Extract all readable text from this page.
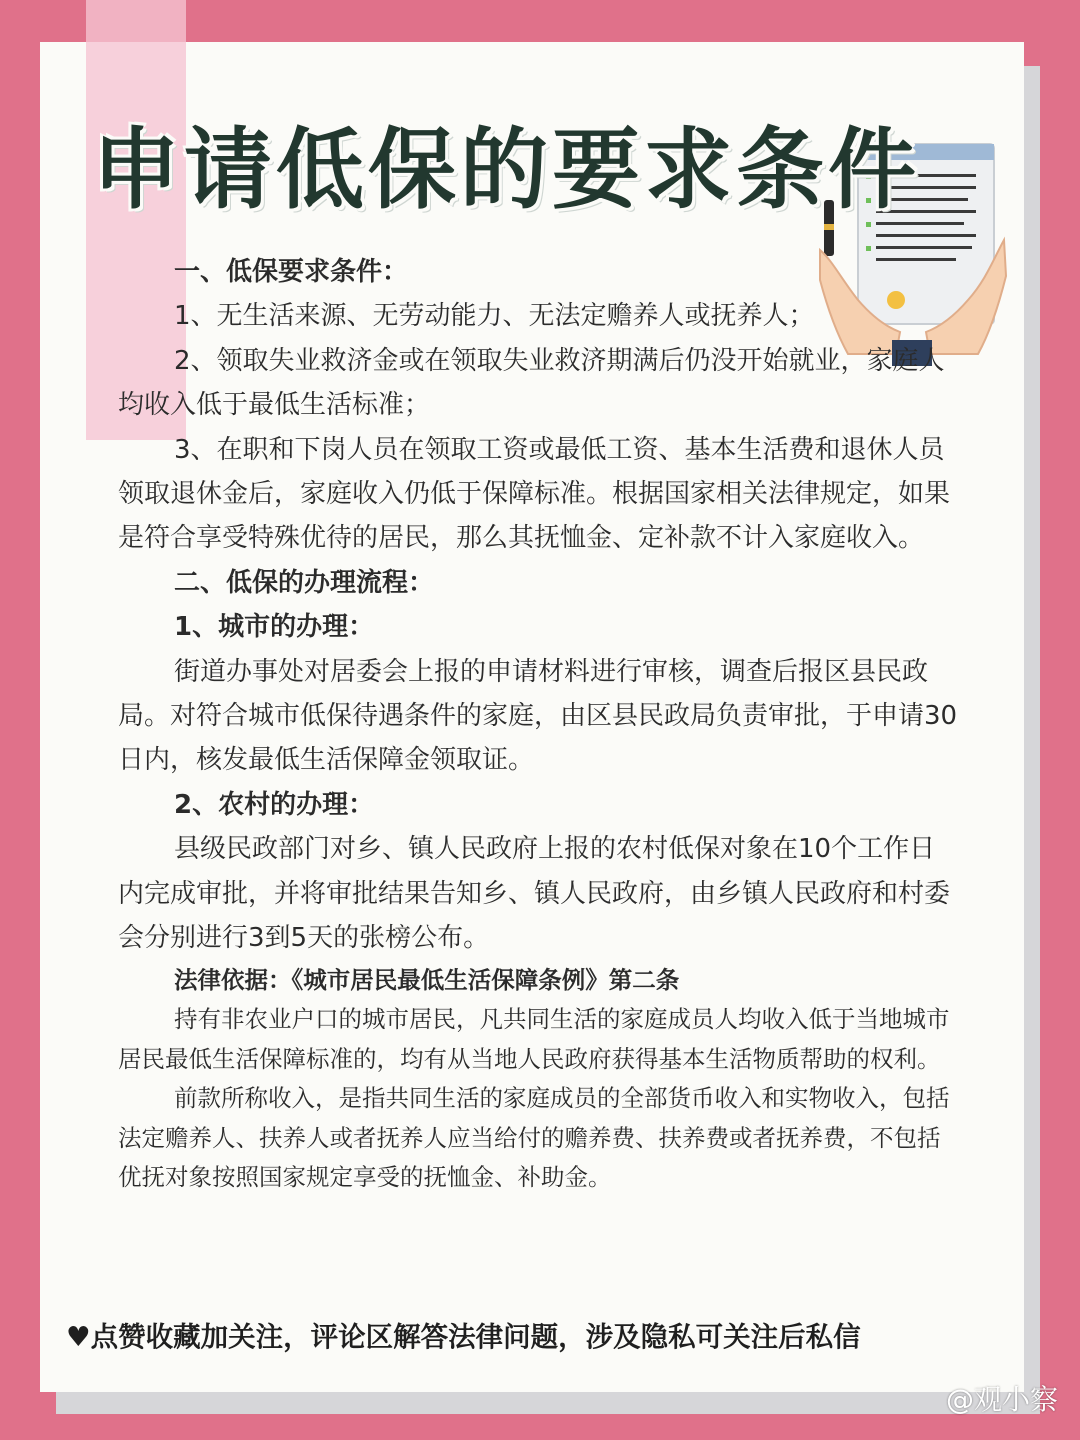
申请低保的要求条件

一、低保要求条件：

1、无生活来源、无劳动能力、无法定赡养人或抚养人；

2、领取失业救济金或在领取失业救济期满后仍没开始就业，家庭人均收入低于最低生活标准；

3、在职和下岗人员在领取工资或最低工资、基本生活费和退休人员领取退休金后，家庭收入仍低于保障标准。根据国家相关法律规定，如果是符合享受特殊优待的居民，那么其抚恤金、定补款不计入家庭收入。

二、低保的办理流程：

1、城市的办理：

街道办事处对居委会上报的申请材料进行审核，调查后报区县民政局。对符合城市低保待遇条件的家庭，由区县民政局负责审批，于申请30日内，核发最低生活保障金领取证。

2、农村的办理：

县级民政部门对乡、镇人民政府上报的农村低保对象在10个工作日内完成审批，并将审批结果告知乡、镇人民政府，由乡镇人民政府和村委会分别进行3到5天的张榜公布。

法律依据：《城市居民最低生活保障条例》第二条

持有非农业户口的城市居民，凡共同生活的家庭成员人均收入低于当地城市居民最低生活保障标准的，均有从当地人民政府获得基本生活物质帮助的权利。

前款所称收入，是指共同生活的家庭成员的全部货币收入和实物收入，包括法定赡养人、扶养人或者抚养人应当给付的赡养费、扶养费或者抚养费，不包括优抚对象按照国家规定享受的抚恤金、补助金。

♥点赞收藏加关注，评论区解答法律问题，涉及隐私可关注后私信
@观小察
